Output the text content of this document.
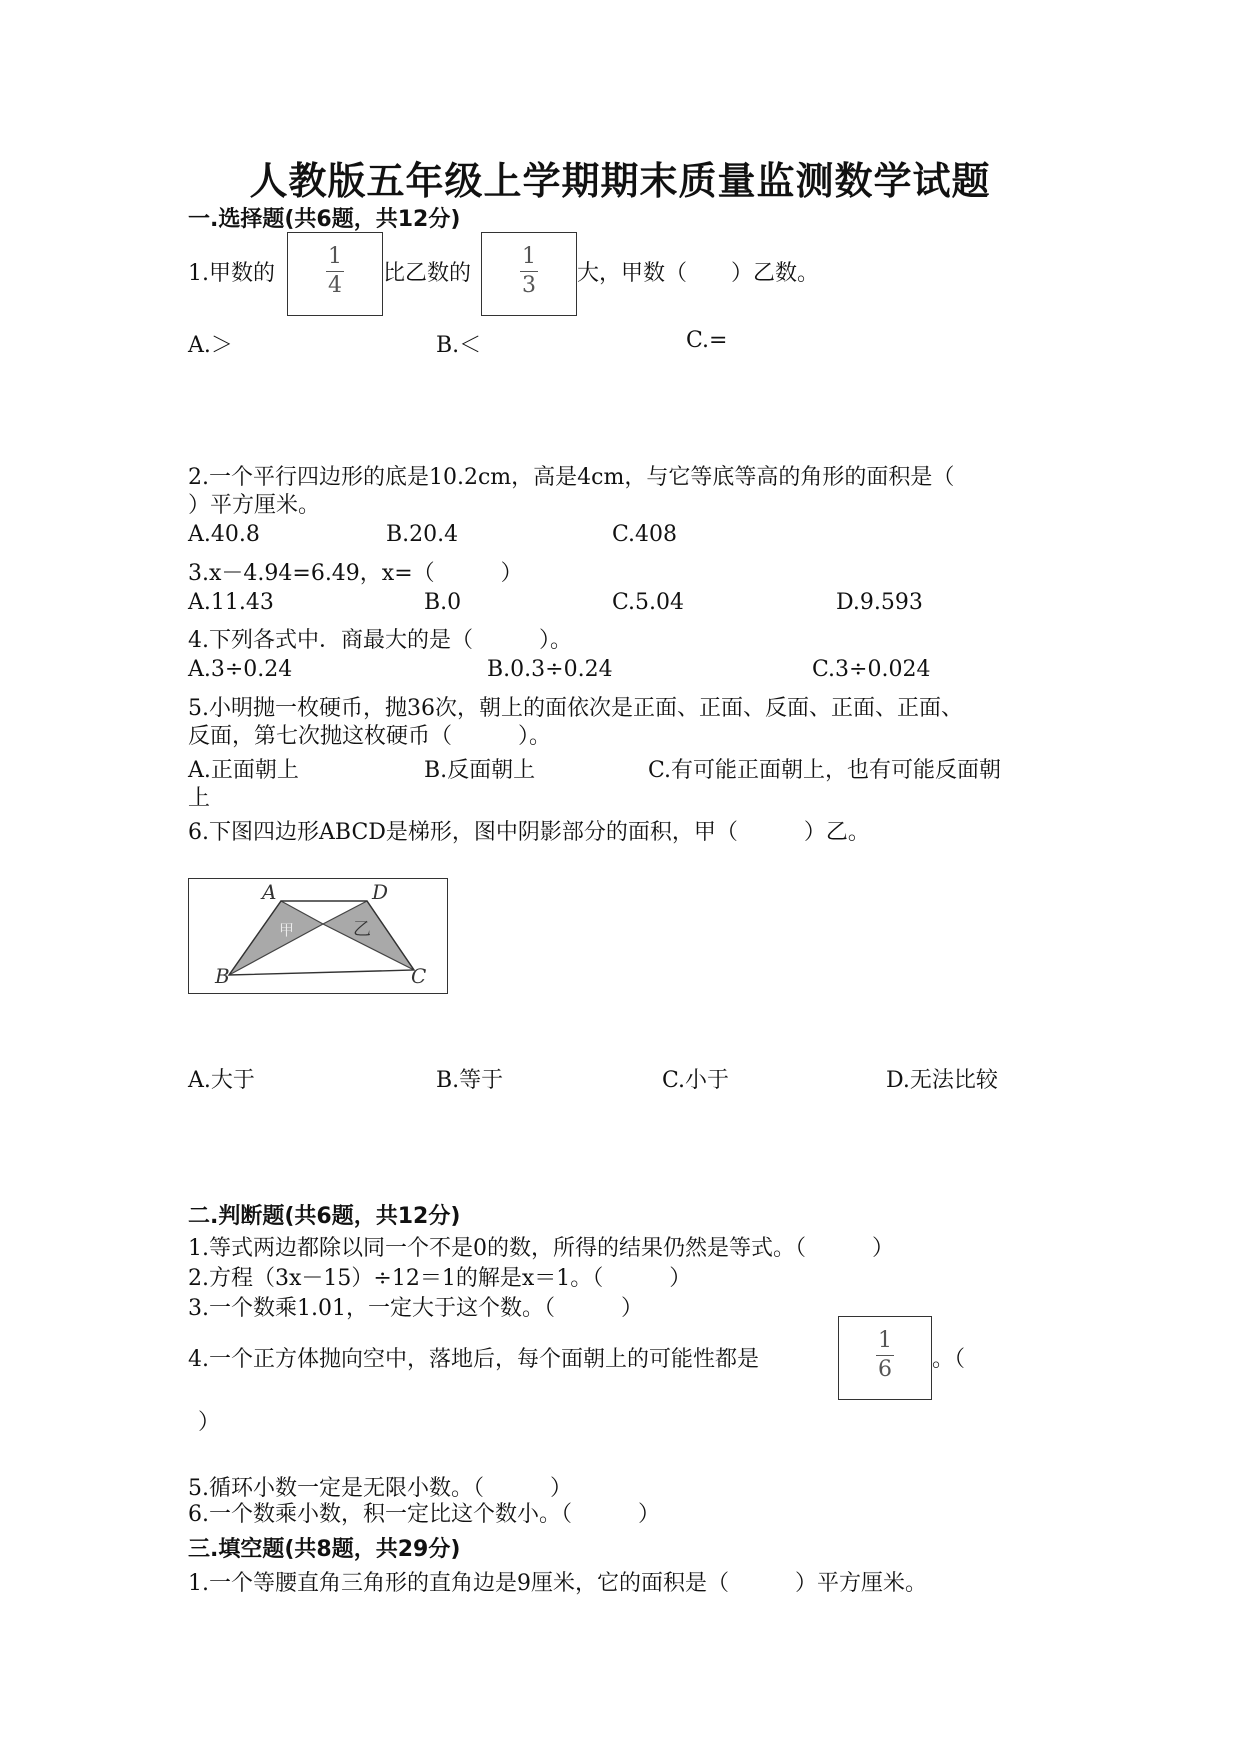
人教版五年级上学期期末质量监测数学试题
一.选择题(共6题，共12分)
1.甲数的
1
4	比乙数的
1
3	大，甲数（　　）乙数。
A.＞	B.＜	C.=
2.一个平行四边形的底是10.2cm，高是4cm，与它等底等高的角形的面积是（
）平方厘米。
A.40.8	B.20.4	C.408
3.x－4.94=6.49，x=（　　　）
A.11.43	B.0	C.5.04	D.9.593
4.下列各式中．商最大的是（　　　）。
A.3÷0.24	B.0.3÷0.24	C.3÷0.024
5.小明抛一枚硬币，抛36次，朝上的面依次是正面、正面、反面、正面、正面、
反面，第七次抛这枚硬币（　　　）。
A.正面朝上	B.反面朝上	C.有可能正面朝上，也有可能反面朝
上
6.下图四边形ABCD是梯形，图中阴影部分的面积，甲（　　　）乙。
A	D
B	C
甲	乙
A.大于	B.等于	C.小于	D.无法比较
二.判断题(共6题，共12分)
1.等式两边都除以同一个不是0的数，所得的结果仍然是等式。（　　　）
2.方程（3x－15）÷12＝1的解是x＝1。（　　　）
3.一个数乘1.01，一定大于这个数。（　　　）
4.一个正方体抛向空中，落地后，每个面朝上的可能性都是
1
6	。（
）
5.循环小数一定是无限小数。（　　　）
6.一个数乘小数，积一定比这个数小。（　　　）
三.填空题(共8题，共29分)
1.一个等腰直角三角形的直角边是9厘米，它的面积是（　　　）平方厘米。
